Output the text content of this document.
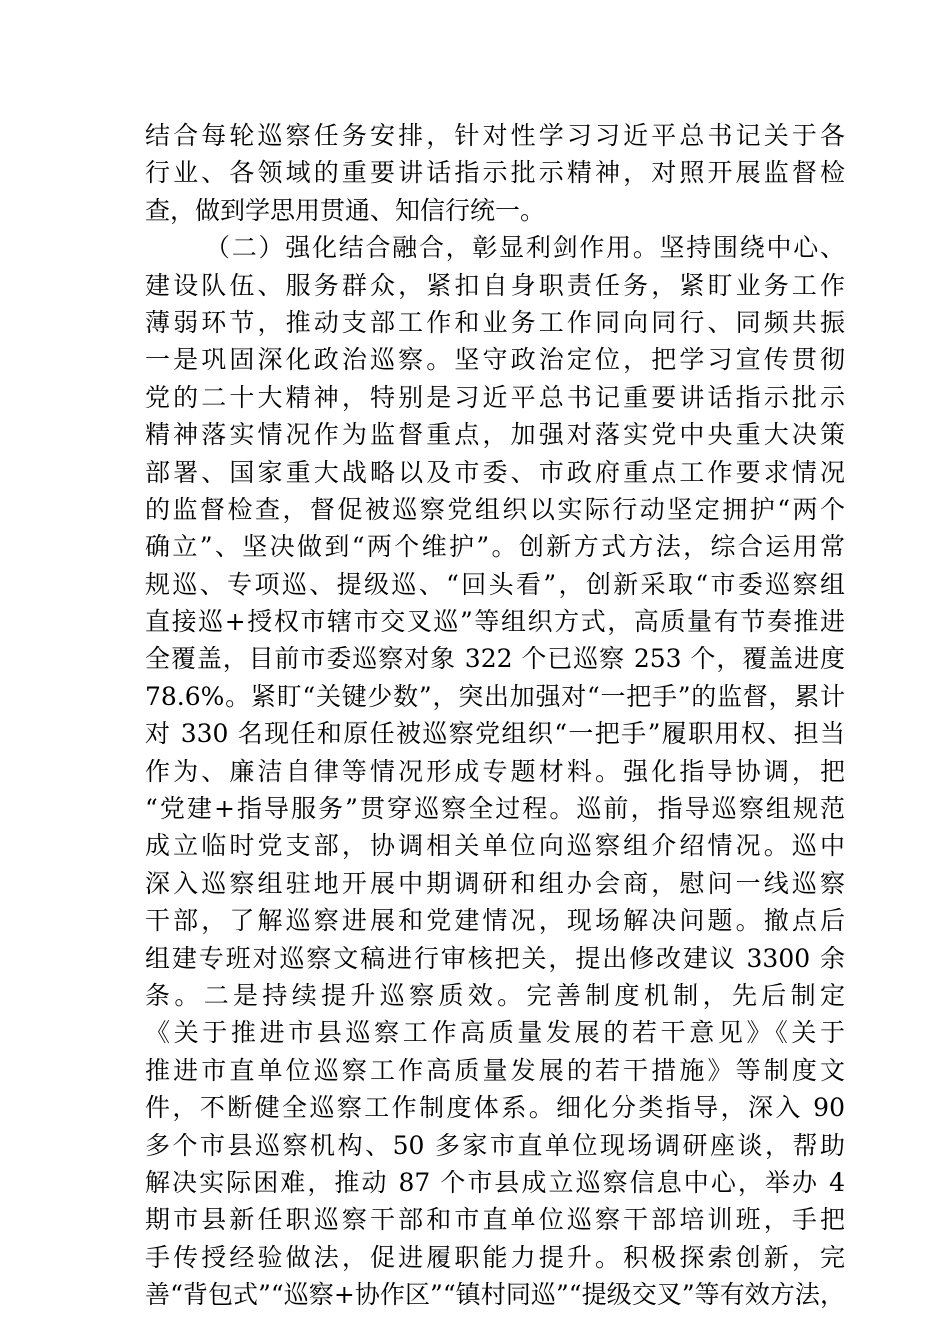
结合每轮巡察任务安排，针对性学习习近平总书记关于各
行业、各领域的重要讲话指示批示精神，对照开展监督检
查，做到学思用贯通、知信行统一。
（二）强化结合融合，彰显利剑作用。坚持围绕中心、
建设队伍、服务群众，紧扣自身职责任务，紧盯业务工作
薄弱环节，推动支部工作和业务工作同向同行、同频共振
一是巩固深化政治巡察。坚守政治定位，把学习宣传贯彻
党的二十大精神，特别是习近平总书记重要讲话指示批示
精神落实情况作为监督重点，加强对落实党中央重大决策
部署、国家重大战略以及市委、市政府重点工作要求情况
的监督检查，督促被巡察党组织以实际行动坚定拥护“两个
确立”、坚决做到“两个维护”。创新方式方法，综合运用常
规巡、专项巡、提级巡、“回头看”，创新采取“市委巡察组
直接巡+授权市辖市交叉巡”等组织方式，高质量有节奏推进
全覆盖，目前市委巡察对象 322 个已巡察 253 个，覆盖进度
78.6%。紧盯“关键少数”，突出加强对“一把手”的监督，累计
对 330 名现任和原任被巡察党组织“一把手”履职用权、担当
作为、廉洁自律等情况形成专题材料。强化指导协调，把
“党建+指导服务”贯穿巡察全过程。巡前，指导巡察组规范
成立临时党支部，协调相关单位向巡察组介绍情况。巡中
深入巡察组驻地开展中期调研和组办会商，慰问一线巡察
干部，了解巡察进展和党建情况，现场解决问题。撤点后
组建专班对巡察文稿进行审核把关，提出修改建议 3300 余
条。二是持续提升巡察质效。完善制度机制，先后制定
《关于推进市县巡察工作高质量发展的若干意见》《关于
推进市直单位巡察工作高质量发展的若干措施》等制度文
件，不断健全巡察工作制度体系。细化分类指导，深入 90
多个市县巡察机构、50 多家市直单位现场调研座谈，帮助
解决实际困难，推动 87 个市县成立巡察信息中心，举办 4
期市县新任职巡察干部和市直单位巡察干部培训班，手把
手传授经验做法，促进履职能力提升。积极探索创新，完
善“背包式”“巡察+协作区”“镇村同巡”“提级交叉”等有效方法，
